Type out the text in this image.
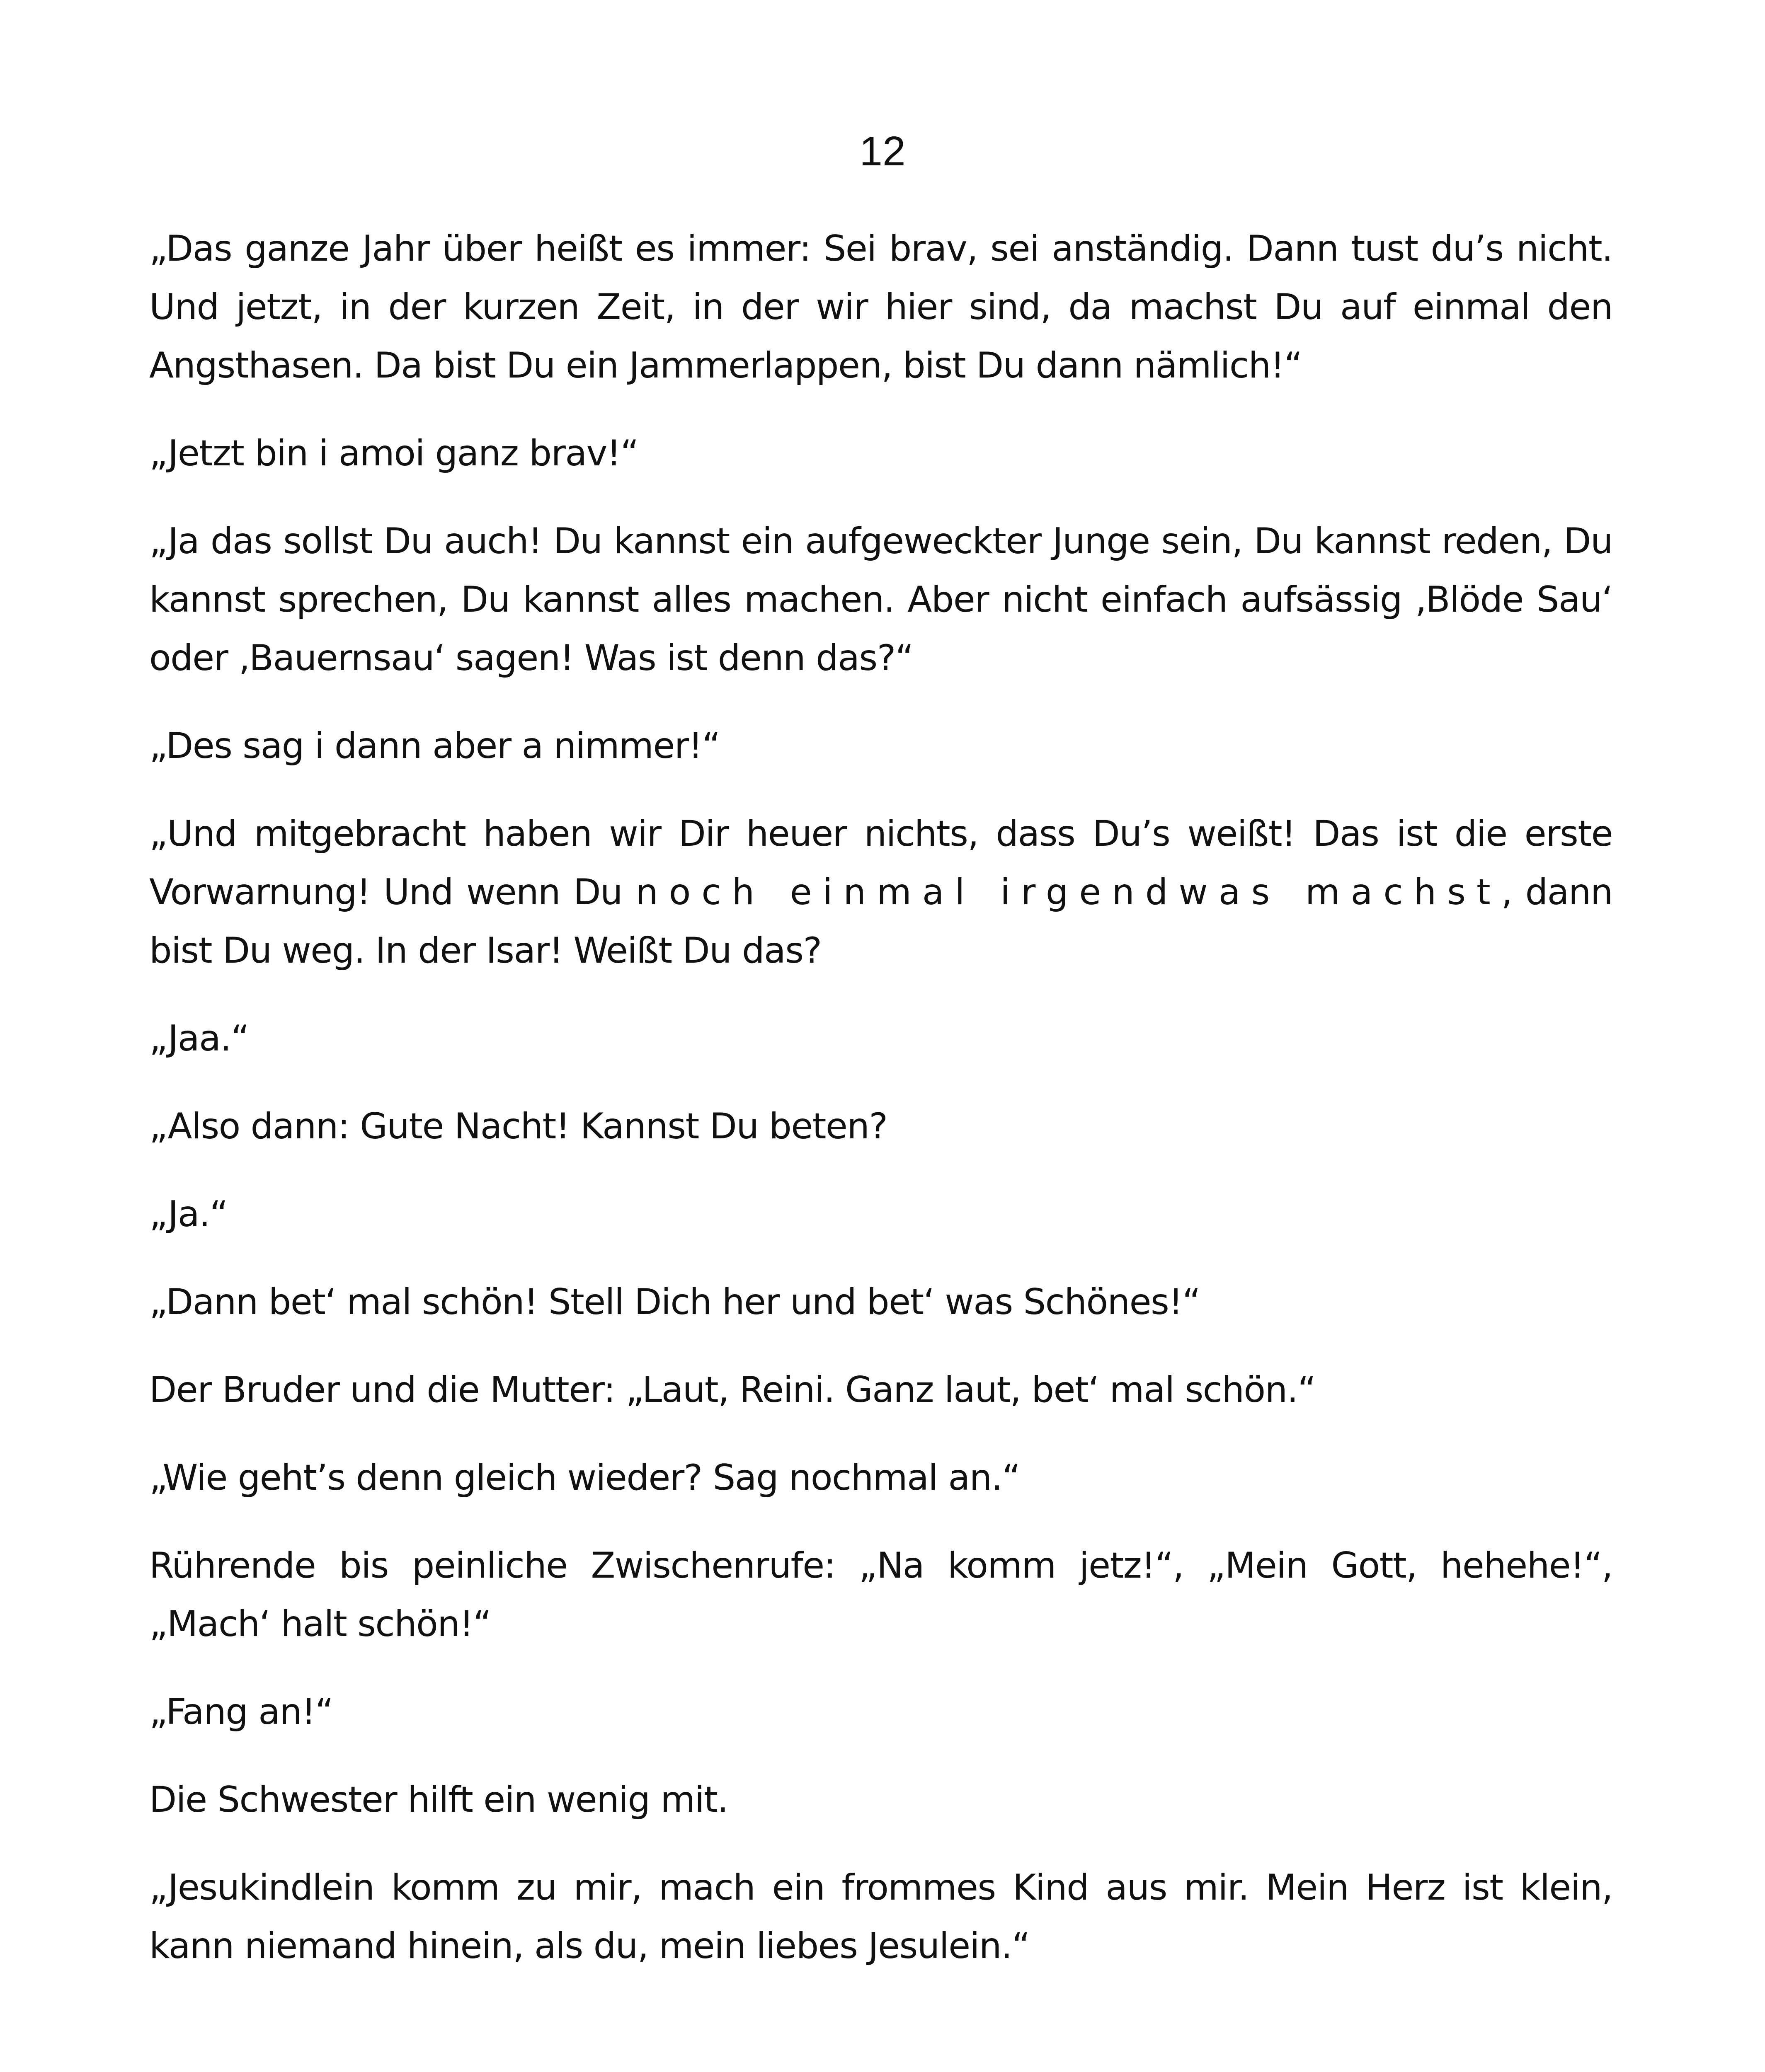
12

„Das ganze Jahr über heißt es immer: Sei brav, sei anständig. Dann tust du’s nicht. Und jetzt, in der kurzen Zeit, in der wir hier sind, da machst Du auf einmal den Angsthasen. Da bist Du ein Jammerlappen, bist Du dann nämlich!“

„Jetzt bin i amoi ganz brav!“

„Ja das sollst Du auch! Du kannst ein aufgeweckter Junge sein, Du kannst reden, Du kannst sprechen, Du kannst alles machen. Aber nicht einfach aufsässig ‚Blöde Sau‘ oder ‚Bauernsau‘ sagen! Was ist denn das?“

„Des sag i dann aber a nimmer!“

„Und mitgebracht haben wir Dir heuer nichts, dass Du’s weißt! Das ist die erste Vorwarnung! Und wenn Du noch einmal irgendwas machst, dann bist Du weg. In der Isar! Weißt Du das?

„Jaa.“

„Also dann: Gute Nacht! Kannst Du beten?

„Ja.“

„Dann bet‘ mal schön! Stell Dich her und bet‘ was Schönes!“

Der Bruder und die Mutter: „Laut, Reini. Ganz laut, bet‘ mal schön.“

„Wie geht’s denn gleich wieder? Sag nochmal an.“

Rührende bis peinliche Zwischenrufe: „Na komm jetz!“, „Mein Gott, hehehe!“, „Mach‘ halt schön!“

„Fang an!“

Die Schwester hilft ein wenig mit.

„Jesukindlein komm zu mir, mach ein frommes Kind aus mir. Mein Herz ist klein, kann niemand hinein, als du, mein liebes Jesulein.“
